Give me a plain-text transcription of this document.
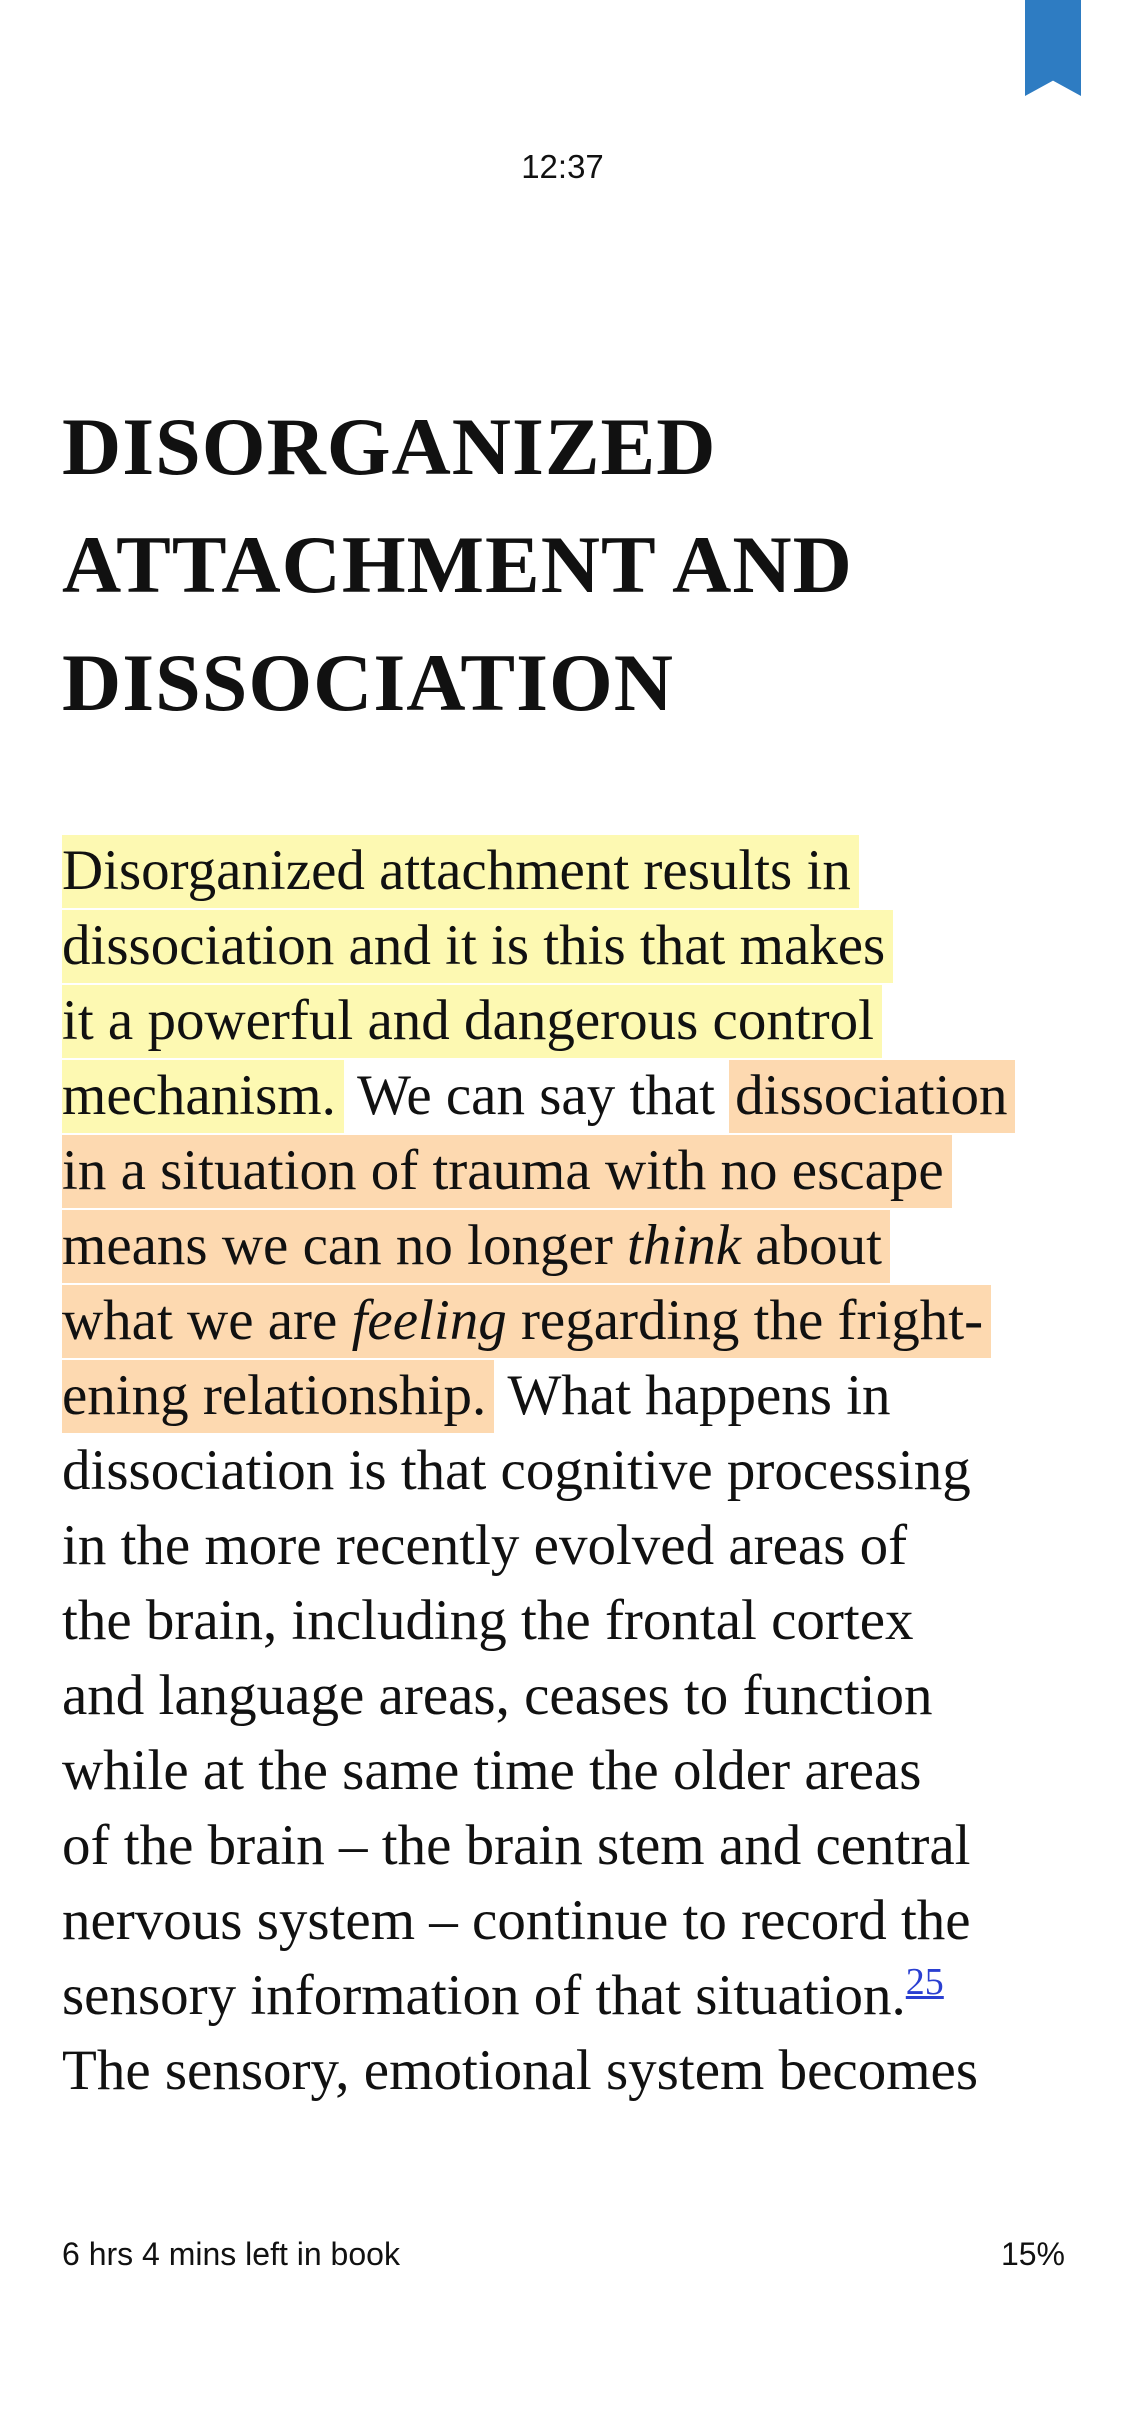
12:37
DISORGANIZED
ATTACHMENT AND
DISSOCIATION
Disorganized attachment results in
dissociation and it is this that makes
it a powerful and dangerous control
mechanism. We can say that dissociation
in a situation of trauma with no escape
means we can no longer think about
what we are feeling regarding the fright-
ening relationship. What happens in
dissociation is that cognitive processing
in the more recently evolved areas of
the brain, including the frontal cortex
and language areas, ceases to function
while at the same time the older areas
of the brain – the brain stem and central
nervous system – continue to record the
sensory information of that situation.$^{25}$
The sensory, emotional system becomes
6 hrs 4 mins left in book	15%
